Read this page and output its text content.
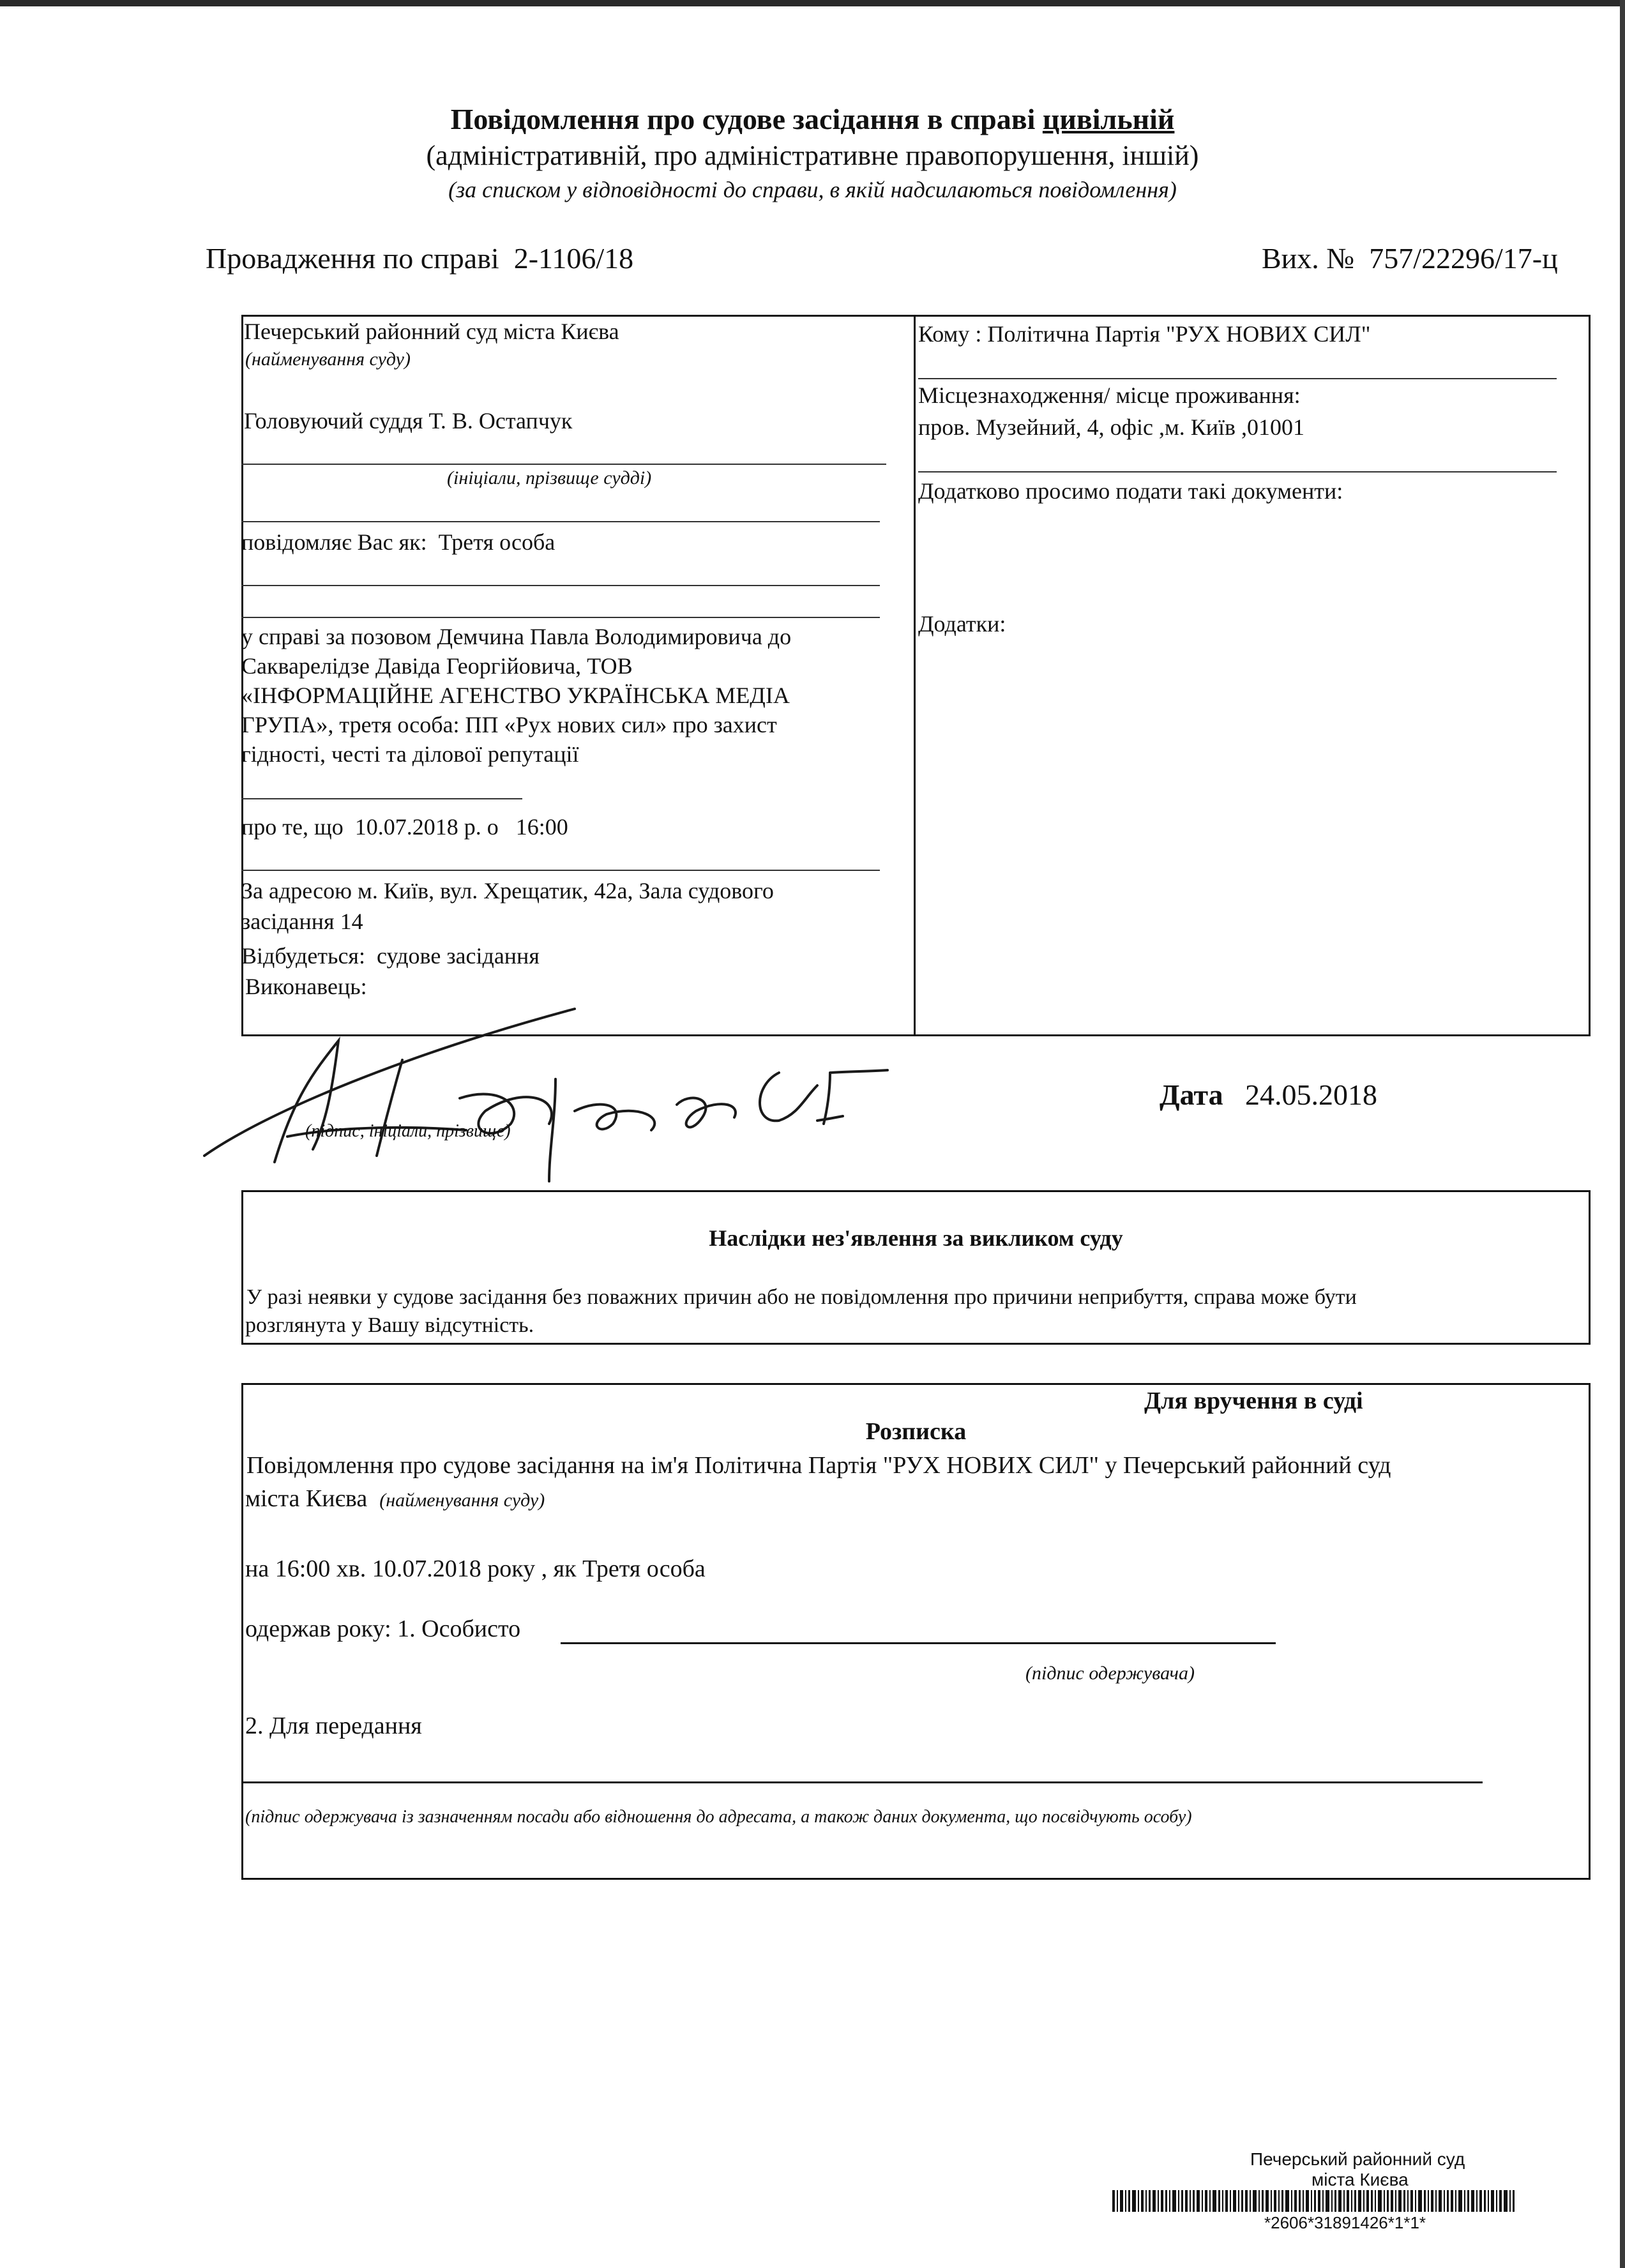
Повідомлення про судове засідання в справі цивільній
(адміністративній, про адміністративне правопорушення, іншій)
(за списком у відповідності до справи, в якій надсилаються повідомлення)
Провадження по справі 2-1106/18	Вих. № 757/22296/17-ц
Печерський районний суд міста Києва
(найменування суду)
Головуючий суддя Т. В. Остапчук
(ініціали, прізвище судді)
повідомляє Вас як: Третя особа
у справі за позовом Демчина Павла Володимировича до
Сакварелідзе Давіда Георгійовича, ТОВ
«ІНФОРМАЦІЙНЕ АГЕНСТВО УКРАЇНСЬКА МЕДІА
ГРУПА», третя особа: ПП «Рух нових сил» про захист
гідності, честі та ділової репутації
про те, що 10.07.2018 р. о 16:00
За адресою м. Київ, вул. Хрещатик, 42а, Зала судового
засідання 14
Відбудеться: судове засідання
Виконавець:
Кому : Політична Партія "РУХ НОВИХ СИЛ"
Місцезнаходження/ місце проживання:
пров. Музейний, 4, офіс ,м. Київ ,01001
Додатково просимо подати такі документи:
Додатки:
(підпис, ініціали, прізвище)
Дата 24.05.2018
Наслідки нез'явлення за викликом суду
У разі неявки у судове засідання без поважних причин або не повідомлення про причини неприбуття, справа може бути
розглянута у Вашу відсутність.
Для вручення в суді
Розписка
Повідомлення про судове засідання на ім'я Політична Партія "РУХ НОВИХ СИЛ" у Печерський районний суд
міста Києва (найменування суду)
на 16:00 хв. 10.07.2018 року , як Третя особа
одержав року: 1. Особисто
(підпис одержувача)
2. Для передання
(підпис одержувача із зазначенням посади або відношення до адресата, а також даних документа, що посвідчують особу)
Печерський районний суд
міста Києва
*2606*31891426*1*1*
